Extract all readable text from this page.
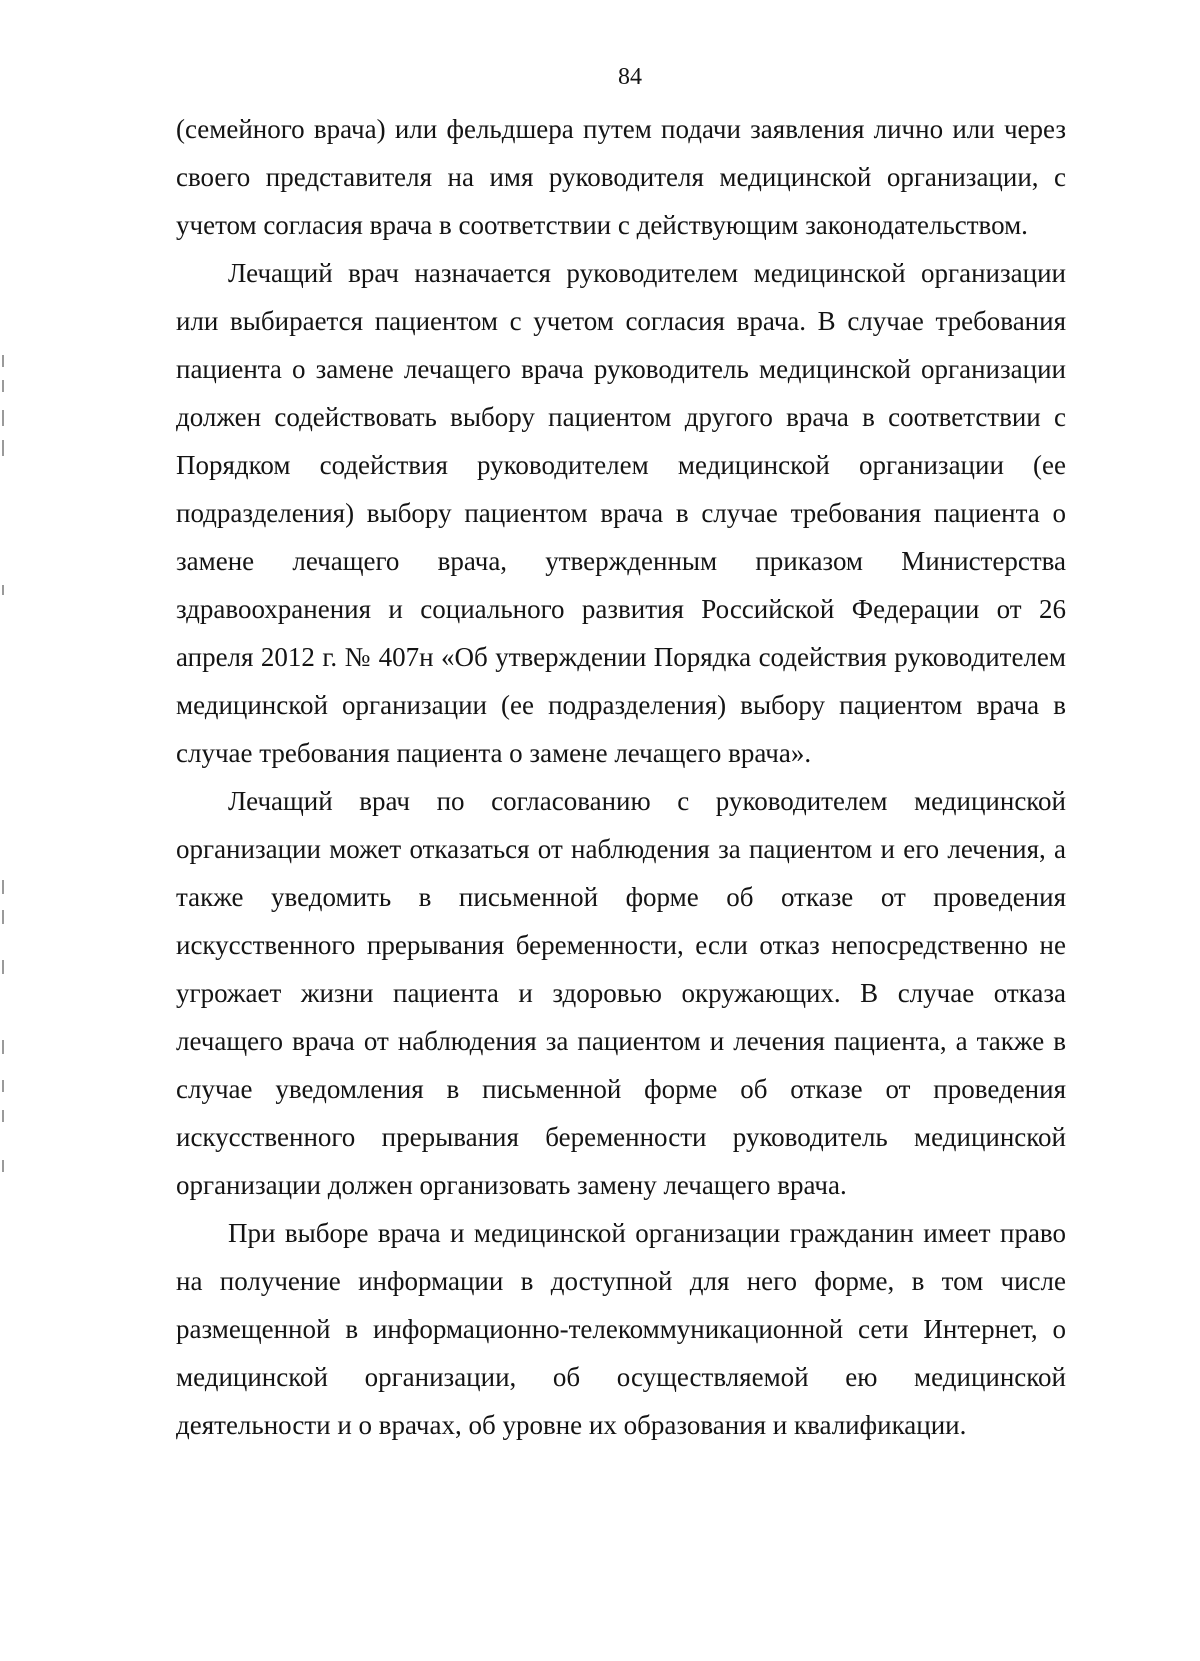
84

(семейного врача) или фельдшера путем подачи заявления лично или через своего представителя на имя руководителя медицинской организации, с учетом согласия врача в соответствии с действующим законодательством.

Лечащий врач назначается руководителем медицинской организации или выбирается пациентом с учетом согласия врача. В случае требования пациента о замене лечащего врача руководитель медицинской организации должен содействовать выбору пациентом другого врача в соответствии с Порядком содействия руководителем медицинской организации (ее подразделения) выбору пациентом врача в случае требования пациента о замене лечащего врача, утвержденным приказом Министерства здравоохранения и социального развития Российской Федерации от 26 апреля 2012 г. № 407н «Об утверждении Порядка содействия руководителем медицинской организации (ее подразделения) выбору пациентом врача в случае требования пациента о замене лечащего врача».

Лечащий врач по согласованию с руководителем медицинской организации может отказаться от наблюдения за пациентом и его лечения, а также уведомить в письменной форме об отказе от проведения искусственного прерывания беременности, если отказ непосредственно не угрожает жизни пациента и здоровью окружающих. В случае отказа лечащего врача от наблюдения за пациентом и лечения пациента, а также в случае уведомления в письменной форме об отказе от проведения искусственного прерывания беременности руководитель медицинской организации должен организовать замену лечащего врача.

При выборе врача и медицинской организации гражданин имеет право на получение информации в доступной для него форме, в том числе размещенной в информационно-телекоммуникационной сети Интернет, о медицинской организации, об осуществляемой ею медицинской деятельности и о врачах, об уровне их образования и квалификации.
